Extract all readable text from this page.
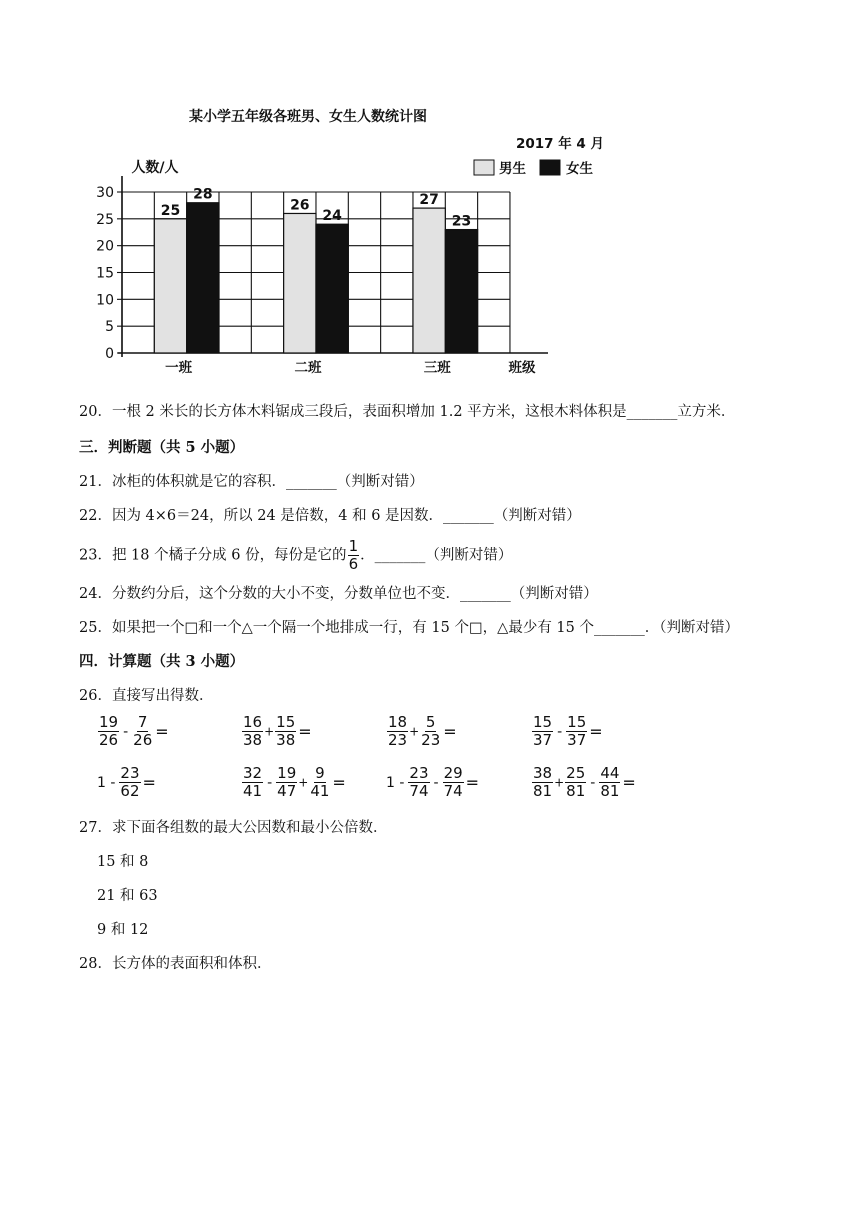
某小学五年级各班男、女生人数统计图
2017 年 4 月
人数/人
班级
男生	女生
0
5
10
15
20
25
30
25
28
一班
26
24
二班
27
23
三班
20．一根 2 米长的长方体木料锯成三段后，表面积增加 1.2 平方米，这根木料体积是_______立方米．
三．判断题（共 5 小题）
21．冰柜的体积就是它的容积．_______（判断对错）
22．因为 4×6＝24，所以 24 是倍数，4 和 6 是因数．_______（判断对错）
23．把 18 个橘子分成 6 份，每份是它的 $\frac{1}{6}$ ．_______（判断对错）
24．分数约分后，这个分数的大小不变，分数单位也不变．_______（判断对错）
25．如果把一个□和一个△一个隔一个地排成一行，有 15 个□，△最少有 15 个_______．（判断对错）
四．计算题（共 3 小题）
26．直接写出得数．
$\frac{19}{26} - \frac{7}{26}$ =	$\frac{16}{38} + \frac{15}{38}$ =	$\frac{18}{23} + \frac{5}{23}$ =	$\frac{15}{37} - \frac{15}{37}$ =
$1 - \frac{23}{62}$ =	$\frac{32}{41} - \frac{19}{47} + \frac{9}{41}$ =	$1 - \frac{23}{74} - \frac{29}{74}$ =	$\frac{38}{81} + \frac{25}{81} - \frac{44}{81}$ =
27．求下面各组数的最大公因数和最小公倍数．
15 和 8
21 和 63
9 和 12
28．长方体的表面积和体积．
